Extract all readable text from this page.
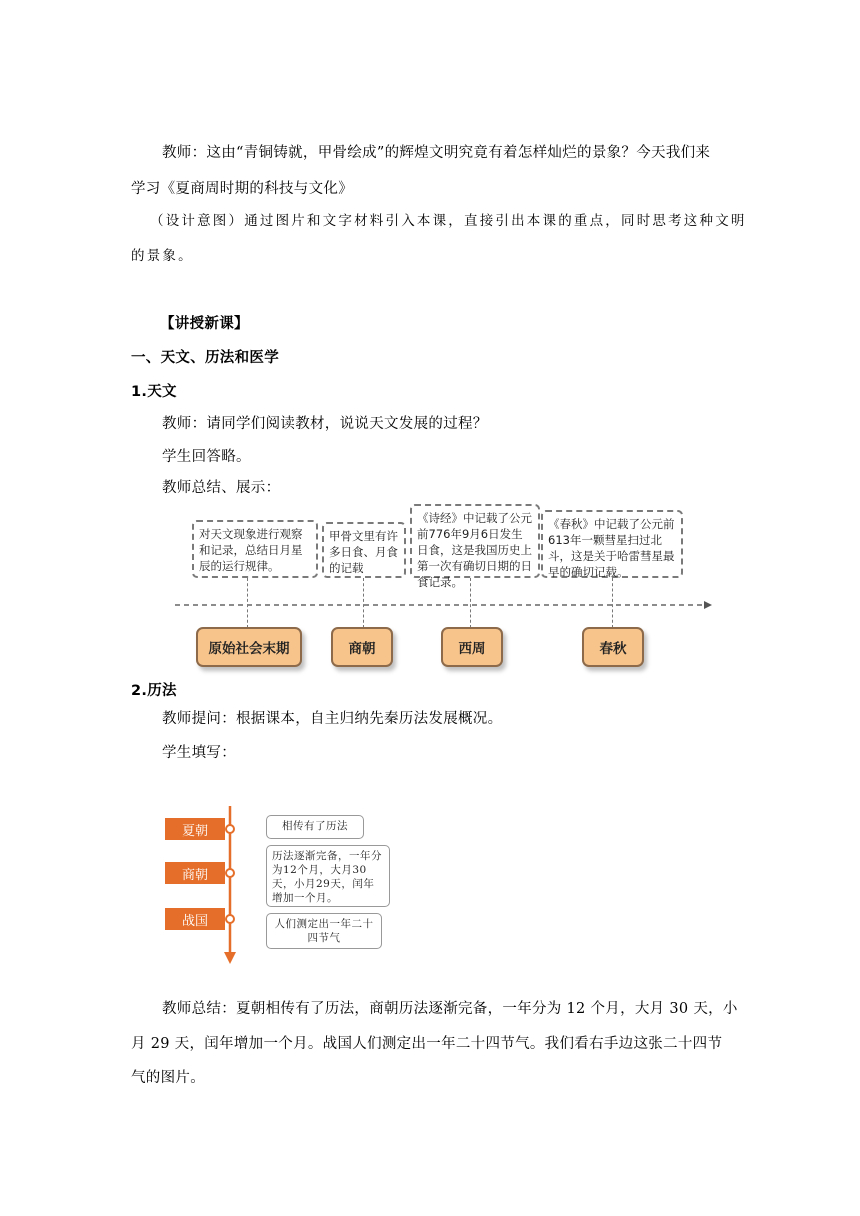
教师：这由“青铜铸就，甲骨绘成”的辉煌文明究竟有着怎样灿烂的景象？今天我们来
学习《夏商周时期的科技与文化》
（设计意图）通过图片和文字材料引入本课，直接引出本课的重点，同时思考这种文明
的景象。
【讲授新课】
一、天文、历法和医学
1.天文
教师：请同学们阅读教材，说说天文发展的过程？
学生回答略。
教师总结、展示：
对天文现象进行观察和记录，总结日月星辰的运行规律。
甲骨文里有许多日食、月食的记载
《诗经》中记载了公元前776年9月6日发生日食，这是我国历史上第一次有确切日期的日食记录。
《春秋》中记载了公元前613年一颗彗星扫过北斗，这是关于哈雷彗星最早的确切记载。
原始社会末期	商朝	西周	春秋
2.历法
教师提问：根据课本，自主归纳先秦历法发展概况。
学生填写：
夏朝
商朝
战国
相传有了历法
历法逐渐完备，一年分为12个月，大月30天，小月29天，闰年增加一个月。
人们测定出一年二十四节气
教师总结：夏朝相传有了历法，商朝历法逐渐完备，一年分为 12 个月，大月 30 天，小
月 29 天，闰年增加一个月。战国人们测定出一年二十四节气。我们看右手边这张二十四节
气的图片。
